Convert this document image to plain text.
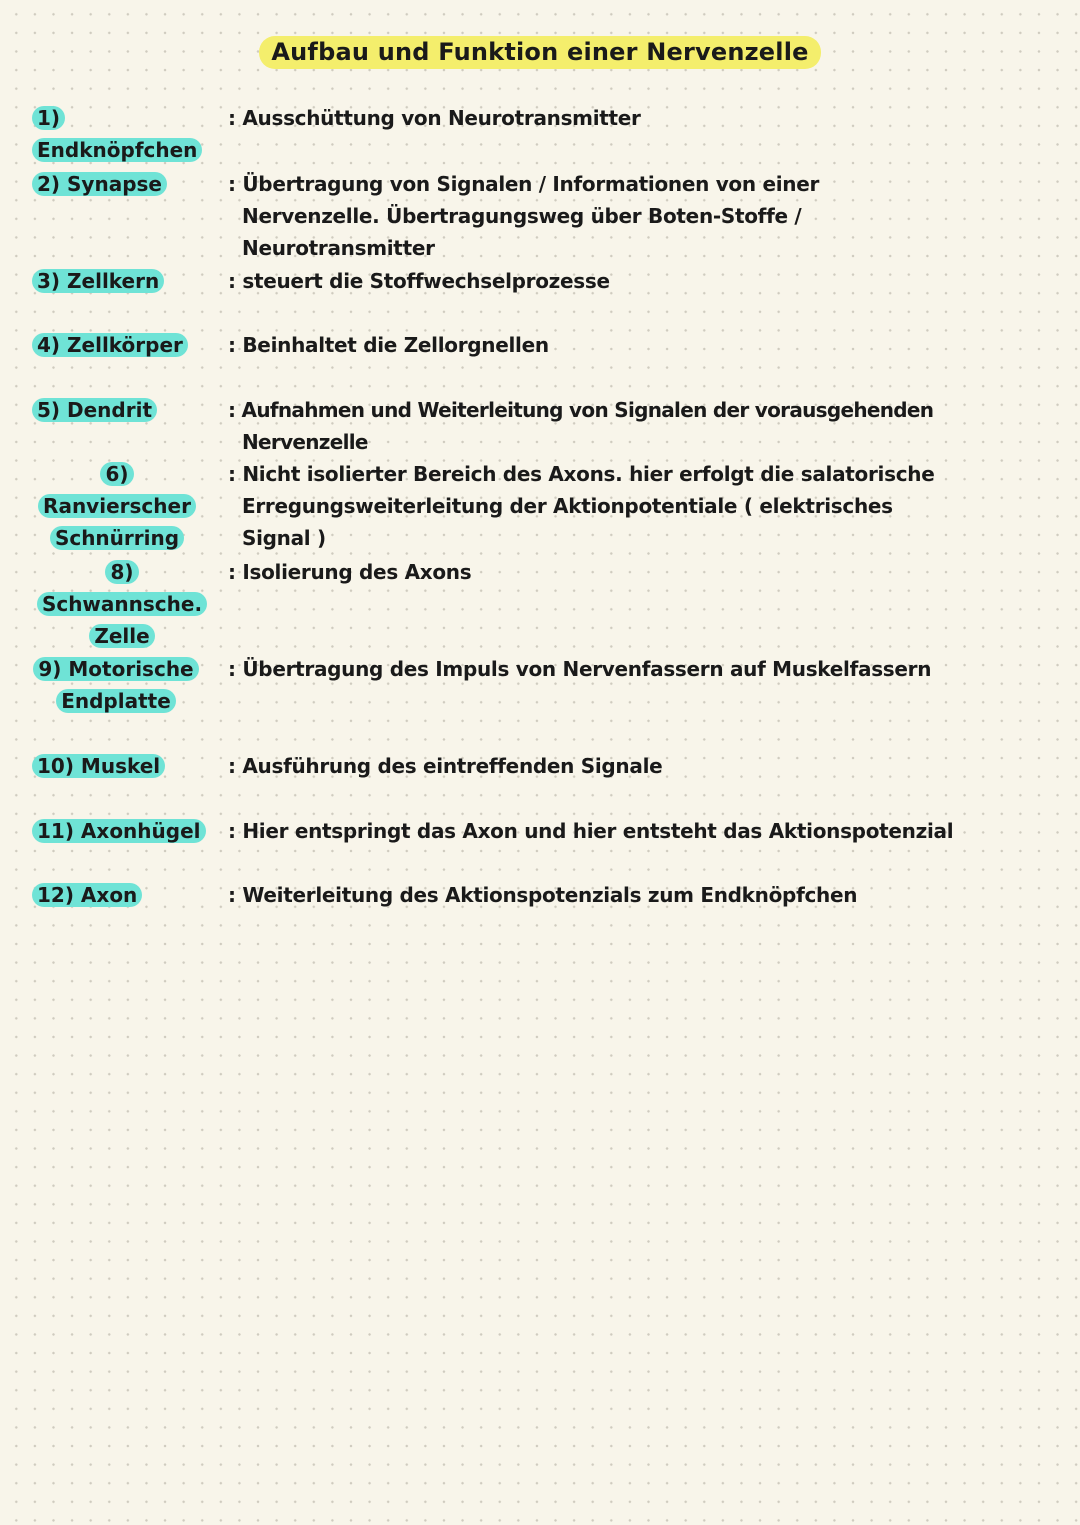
Aufbau und Funktion einer Nervenzelle
1) Endknöpfchen
: Ausschüttung von Neurotransmitter
2) Synapse	: Übertragung von Signalen / Informationen von einer Nervenzelle. Übertragungsweg über Boten-Stoffe / Neurotransmitter
3) Zellkern	: steuert die Stoffwechselprozesse
4) Zellkörper	: Beinhaltet die Zellorgnellen
5) Dendrit	: Aufnahmen und Weiterleitung von Signalen der vorausgehenden Nervenzelle
6) Ranvierscher Schnürring
: Nicht isolierter Bereich des Axons. hier erfolgt die salatorische Erregungsweiterleitung der Aktionpotentiale ( elektrisches Signal )
8) Schwannsche. Zelle
: Isolierung des Axons
9) Motorische Endplatte
: Übertragung des Impuls von Nervenfassern auf Muskelfassern
10) Muskel	: Ausführung des eintreffenden Signale
11) Axonhügel	: Hier entspringt das Axon und hier entsteht das Aktionspotenzial
12) Axon	: Weiterleitung des Aktionspotenzials zum Endknöpfchen
